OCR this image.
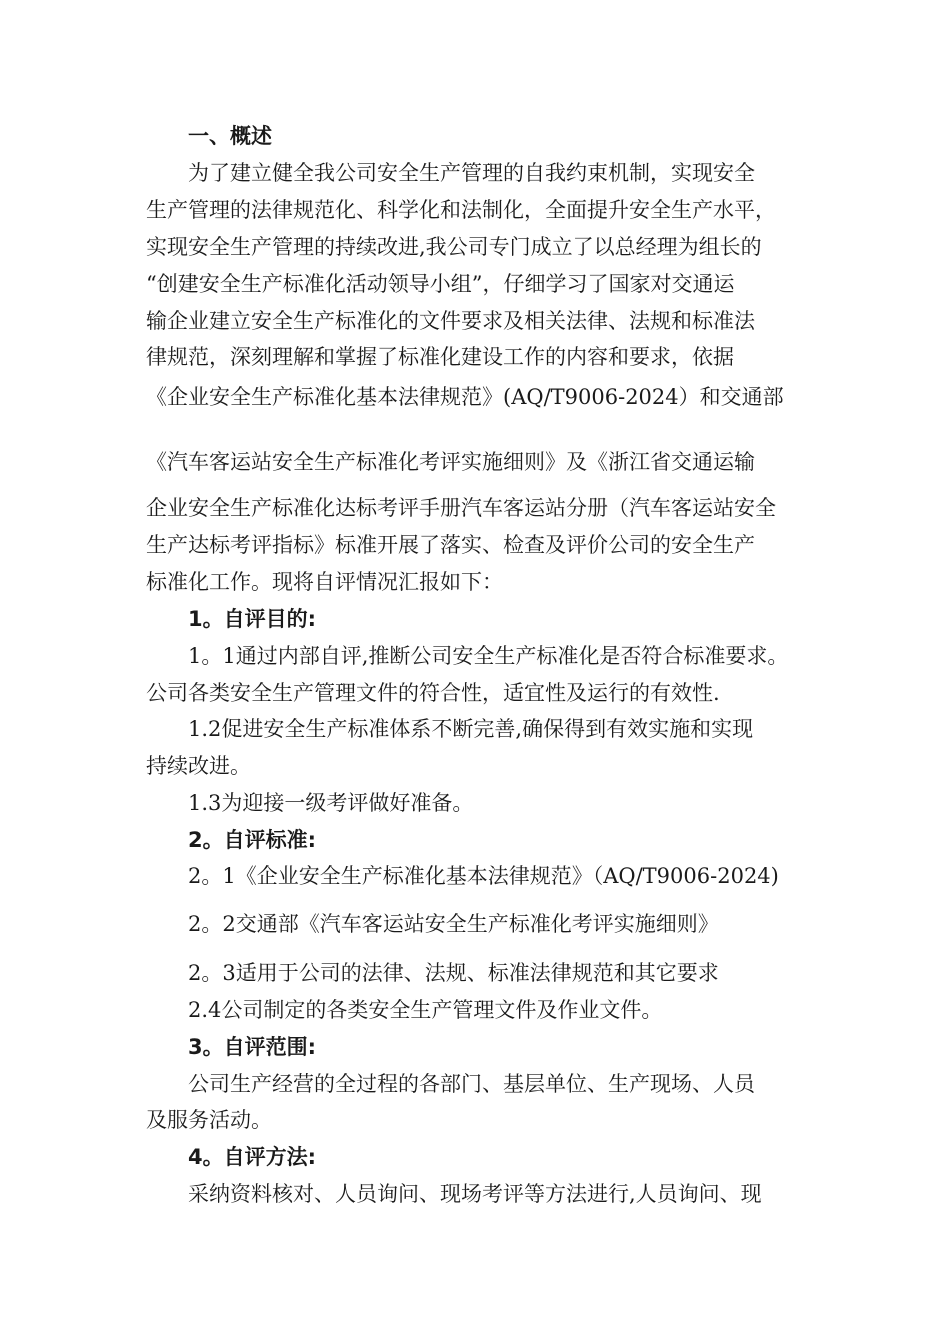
一、概述
为了建立健全我公司安全生产管理的自我约束机制，实现安全
生产管理的法律规范化、科学化和法制化，全面提升安全生产水平，
实现安全生产管理的持续改进,我公司专门成立了以总经理为组长的
“创建安全生产标准化活动领导小组”，仔细学习了国家对交通运
输企业建立安全生产标准化的文件要求及相关法律、法规和标准法
律规范，深刻理解和掌握了标准化建设工作的内容和要求，依据
《企业安全生产标准化基本法律规范》(AQ/T9006-2024）和交通部
《汽车客运站安全生产标准化考评实施细则》及《浙江省交通运输
企业安全生产标准化达标考评手册汽车客运站分册（汽车客运站安全
生产达标考评指标》标准开展了落实、检查及评价公司的安全生产
标准化工作。现将自评情况汇报如下：
1。自评目的:
1。1通过内部自评,推断公司安全生产标准化是否符合标准要求。
公司各类安全生产管理文件的符合性，适宜性及运行的有效性.
1.2促进安全生产标准体系不断完善,确保得到有效实施和实现
持续改进。
1.3为迎接一级考评做好准备。
2。自评标准:
2。1《企业安全生产标准化基本法律规范》（AQ/T9006-2024)
2。2交通部《汽车客运站安全生产标准化考评实施细则》
2。3适用于公司的法律、法规、标准法律规范和其它要求
2.4公司制定的各类安全生产管理文件及作业文件。
3。自评范围:
公司生产经营的全过程的各部门、基层单位、生产现场、人员
及服务活动。
4。自评方法:
采纳资料核对、人员询问、现场考评等方法进行,人员询问、现
